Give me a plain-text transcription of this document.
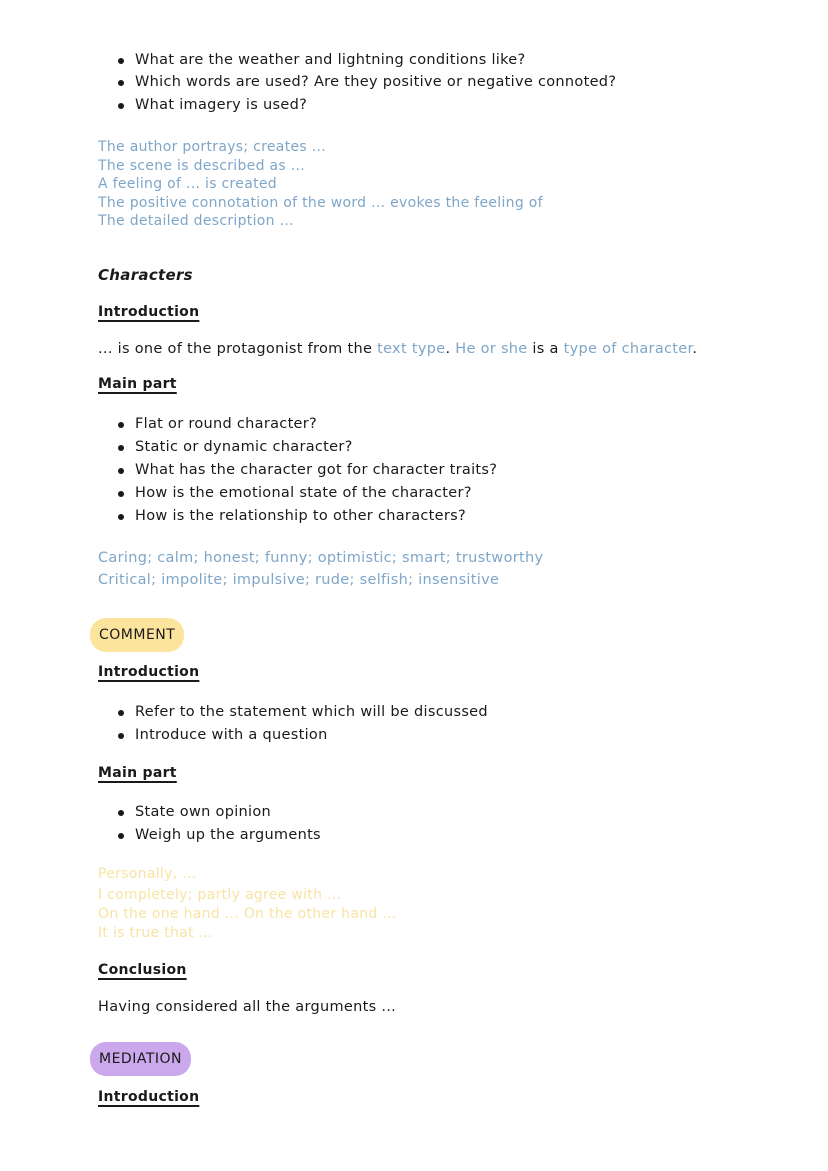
What are the weather and lightning conditions like?
Which words are used? Are they positive or negative connoted?
What imagery is used?
The author portrays; creates ...
The scene is described as ...
A feeling of ... is created
The positive connotation of the word ... evokes the feeling of
The detailed description ...
Characters
Introduction
... is one of the protagonist from the text type. He or she is a type of character.
Main part
Flat or round character?
Static or dynamic character?
What has the character got for character traits?
How is the emotional state of the character?
How is the relationship to other characters?
Caring; calm; honest; funny; optimistic; smart; trustworthy
Critical; impolite; impulsive; rude; selfish; insensitive
COMMENT
Introduction
Refer to the statement which will be discussed
Introduce with a question
Main part
State own opinion
Weigh up the arguments
Personally, ...
I completely; partly agree with ...
On the one hand ... On the other hand ...
It is true that ...
Conclusion
Having considered all the arguments ...
MEDIATION
Introduction
